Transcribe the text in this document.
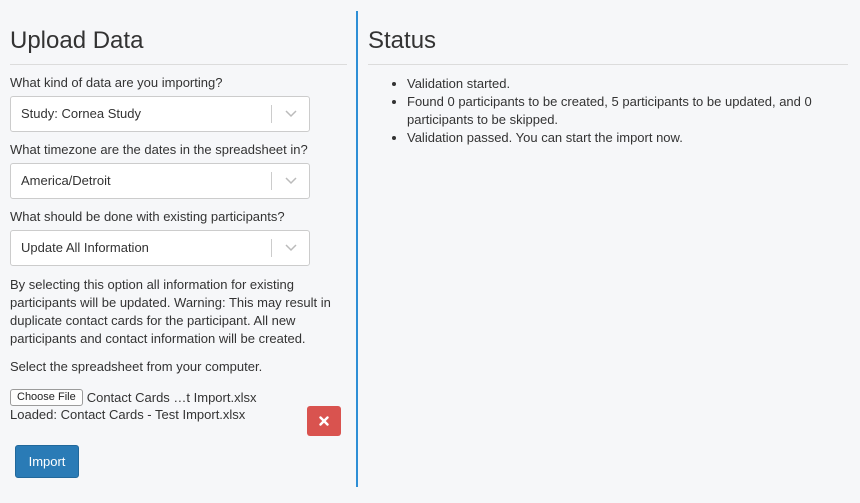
Upload Data
What kind of data are you importing?
Study: Cornea Study
What timezone are the dates in the spreadsheet in?
America/Detroit
What should be done with existing participants?
Update All Information

By selecting this option all information for existing participants will be updated. Warning: This may result in duplicate contact cards for the participant. All new participants and contact information will be created.

Select the spreadsheet from your computer.

Choose File Contact Cards …t Import.xlsx

Loaded: Contact Cards - Test Import.xlsx

Import
Status
• Validation started.
• Found 0 participants to be created, 5 participants to be updated, and 0 participants to be skipped.
• Validation passed. You can start the import now.
